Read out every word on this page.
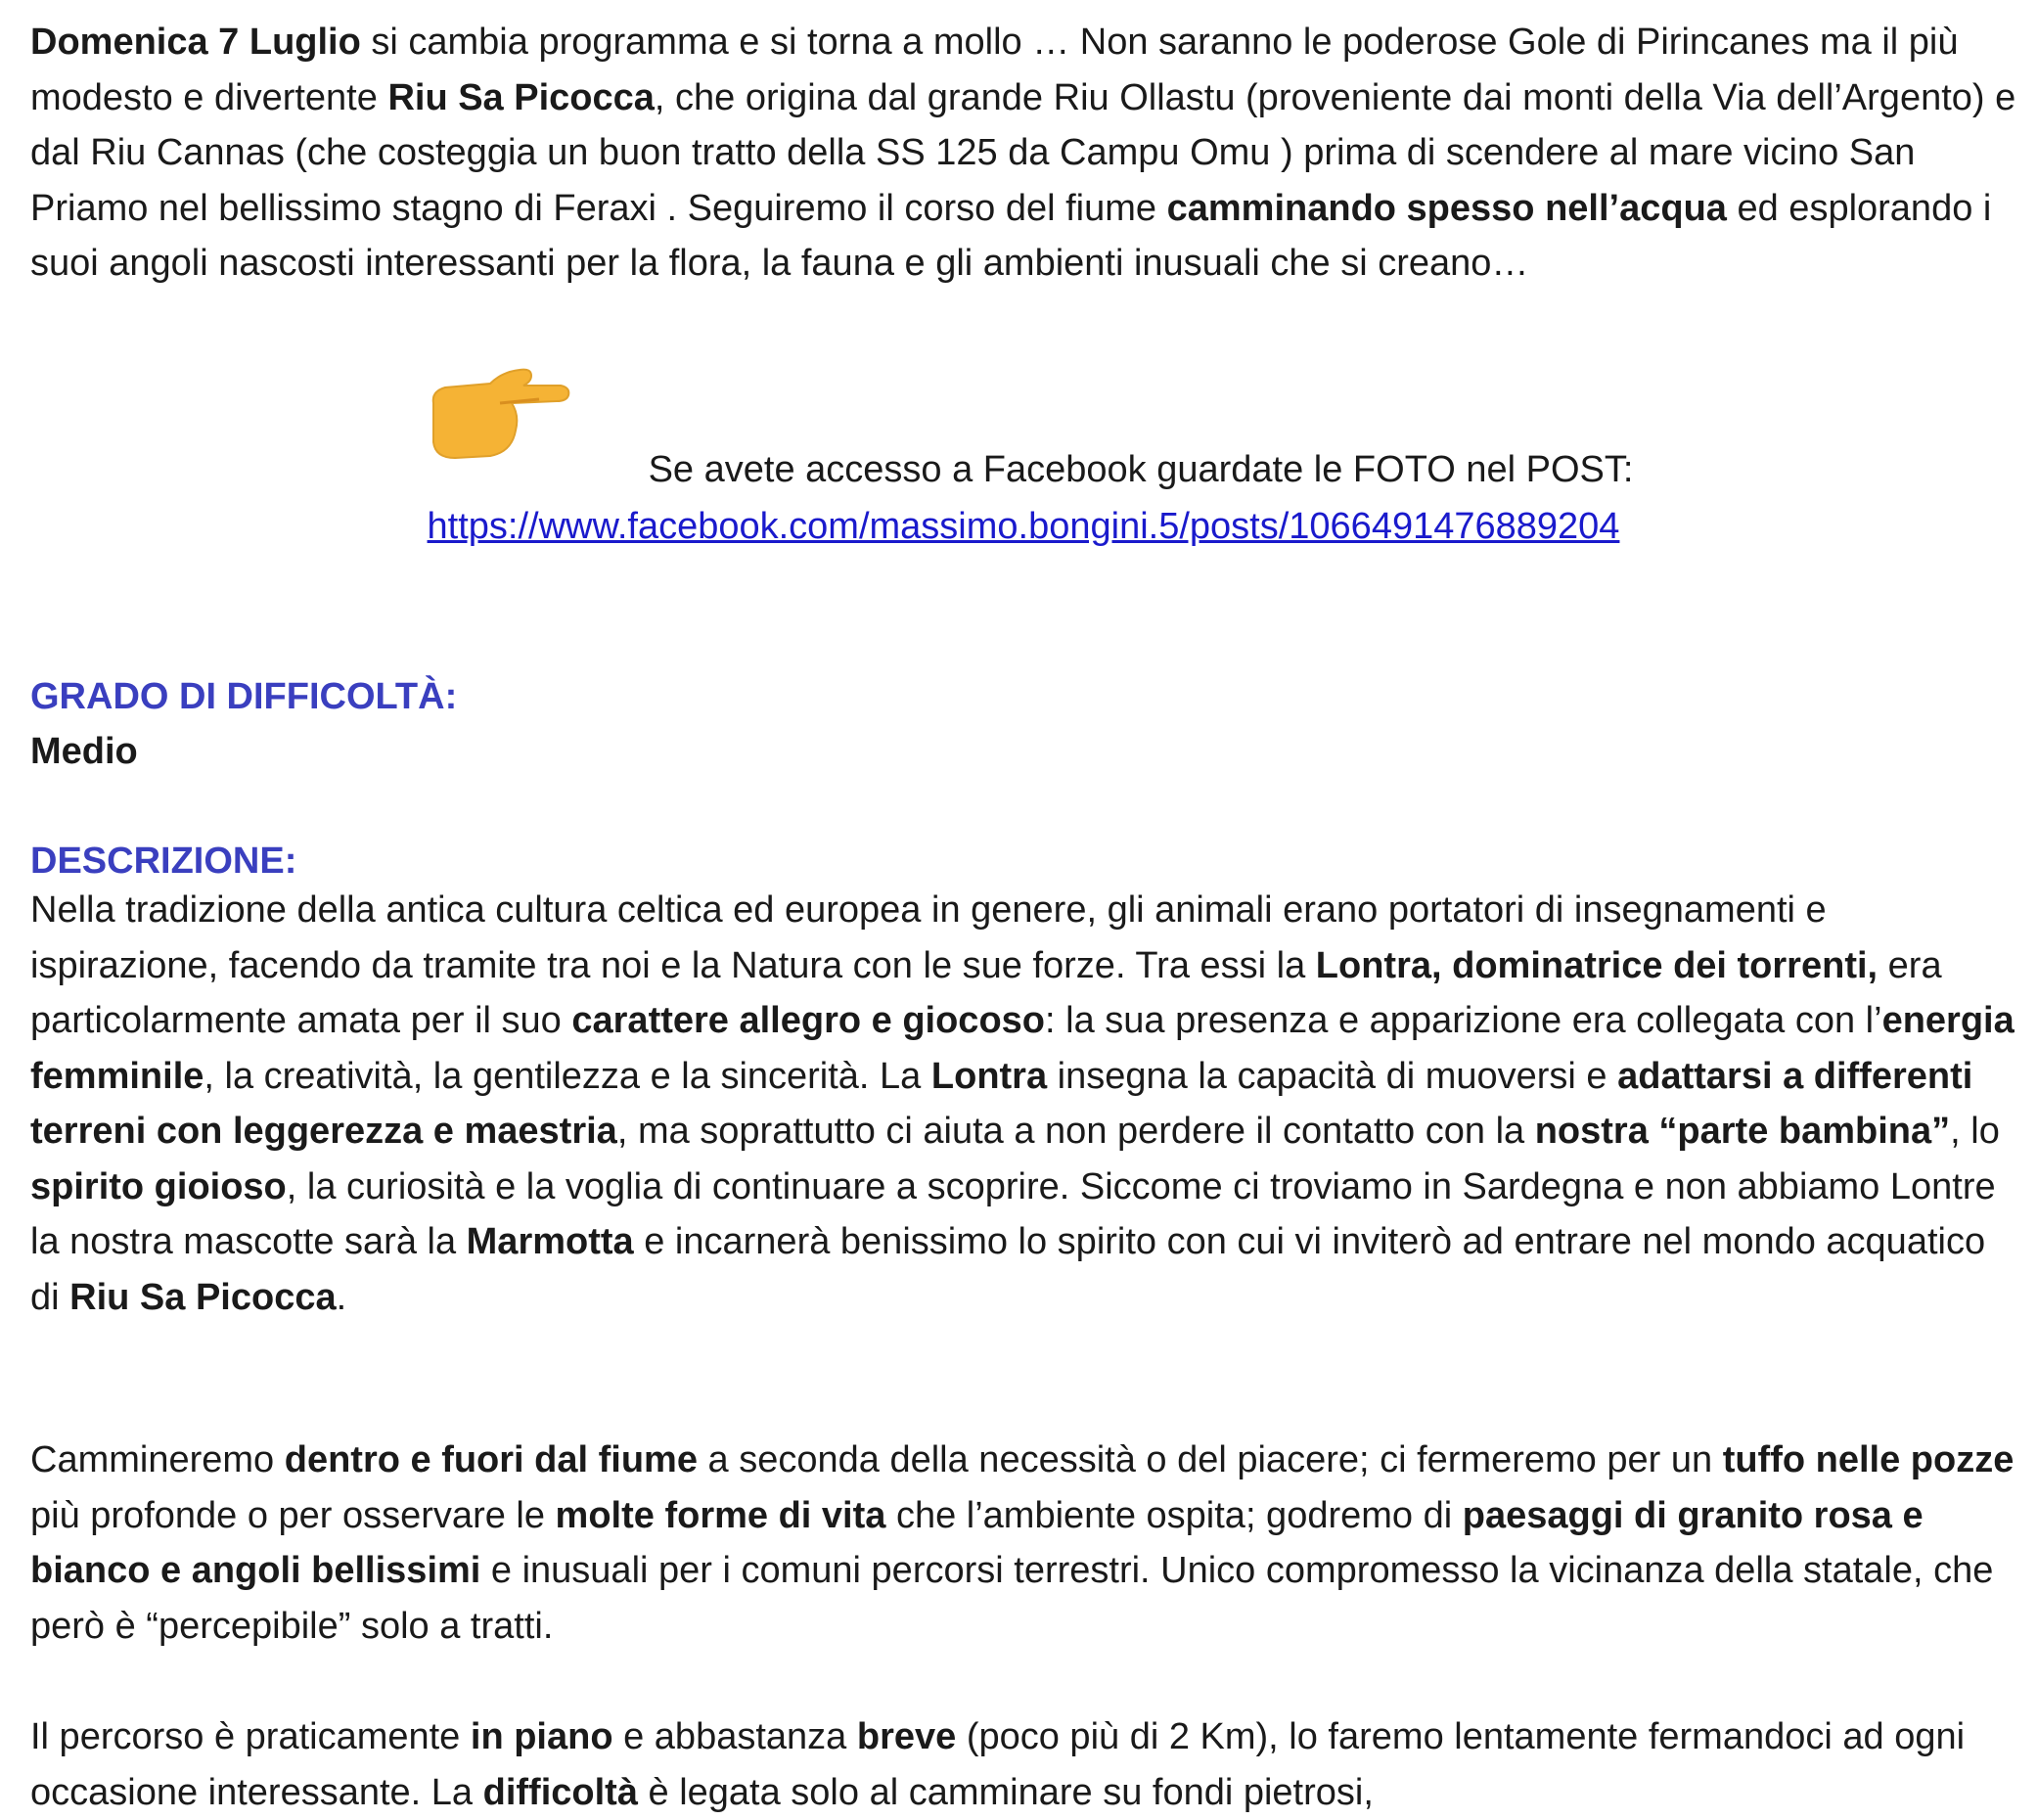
Domenica 7 Luglio si cambia programma e si torna a mollo … Non saranno le poderose Gole di Pirincanes ma il più modesto e divertente Riu Sa Picocca, che origina dal grande Riu Ollastu (proveniente dai monti della Via dell’Argento) e dal Riu Cannas (che costeggia un buon tratto della SS 125 da Campu Omu ) prima di scendere al mare vicino San Priamo nel bellissimo stagno di Feraxi . Seguiremo il corso del fiume camminando spesso nell’acqua ed esplorando i suoi angoli nascosti interessanti per la flora, la fauna e gli ambienti inusuali che si creano…

Se avete accesso a Facebook guardate le FOTO nel POST:
https://www.facebook.com/massimo.bongini.5/posts/1066491476889204

GRADO DI DIFFICOLTÀ:

Medio

DESCRIZIONE:

Nella tradizione della antica cultura celtica ed europea in genere, gli animali erano portatori di insegnamenti e ispirazione, facendo da tramite tra noi e la Natura con le sue forze. Tra essi la Lontra, dominatrice dei torrenti, era particolarmente amata per il suo carattere allegro e giocoso: la sua presenza e apparizione era collegata con l’energia femminile, la creatività, la gentilezza e la sincerità. La Lontra insegna la capacità di muoversi e adattarsi a differenti terreni con leggerezza e maestria, ma soprattutto ci aiuta a non perdere il contatto con la nostra “parte bambina”, lo spirito gioioso, la curiosità e la voglia di continuare a scoprire. Siccome ci troviamo in Sardegna e non abbiamo Lontre la nostra mascotte sarà la Marmotta e incarnerà benissimo lo spirito con cui vi inviterò ad entrare nel mondo acquatico di Riu Sa Picocca.

Cammineremo dentro e fuori dal fiume a seconda della necessità o del piacere; ci fermeremo per un tuffo nelle pozze più profonde o per osservare le molte forme di vita che l’ambiente ospita; godremo di paesaggi di granito rosa e bianco e angoli bellissimi e inusuali per i comuni percorsi terrestri. Unico compromesso la vicinanza della statale, che però è “percepibile” solo a tratti.

Il percorso è praticamente in piano e abbastanza breve (poco più di 2 Km), lo faremo lentamente fermandoci ad ogni occasione interessante. La difficoltà è legata solo al camminare su fondi pietrosi,
